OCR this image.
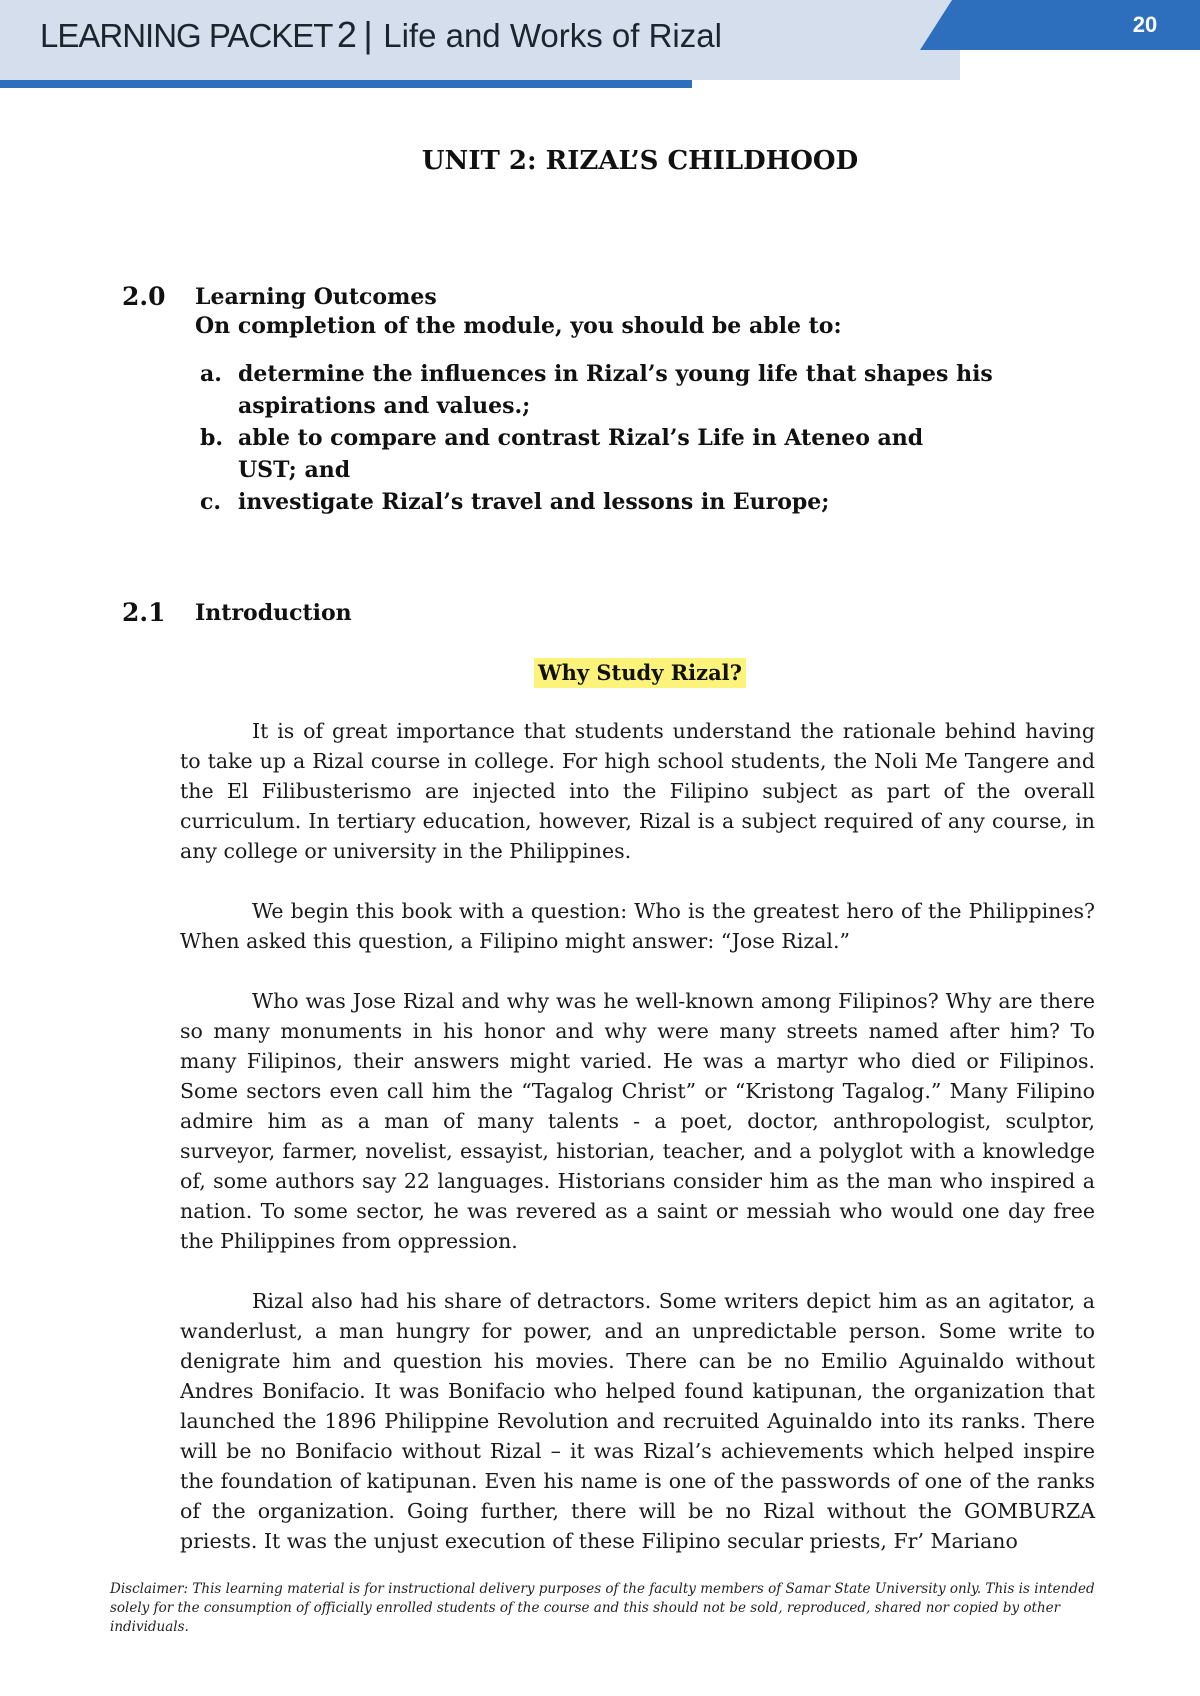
20
LEARNING PACKET 2 | Life and Works of Rizal
UNIT 2: RIZAL’S CHILDHOOD
2.0 Learning Outcomes
On completion of the module, you should be able to:
a. determine the influences in Rizal’s young life that shapes his aspirations and values.;
b. able to compare and contrast Rizal’s Life in Ateneo and UST; and
c. investigate Rizal’s travel and lessons in Europe;
2.1 Introduction
Why Study Rizal?

It is of great importance that students understand the rationale behind having to take up a Rizal course in college. For high school students, the Noli Me Tangere and the El Filibusterismo are injected into the Filipino subject as part of the overall curriculum. In tertiary education, however, Rizal is a subject required of any course, in any college or university in the Philippines.

We begin this book with a question: Who is the greatest hero of the Philippines? When asked this question, a Filipino might answer: “Jose Rizal.”

Who was Jose Rizal and why was he well-known among Filipinos? Why are there so many monuments in his honor and why were many streets named after him? To many Filipinos, their answers might varied. He was a martyr who died or Filipinos. Some sectors even call him the “Tagalog Christ” or “Kristong Tagalog.” Many Filipino admire him as a man of many talents - a poet, doctor, anthropologist, sculptor, surveyor, farmer, novelist, essayist, historian, teacher, and a polyglot with a knowledge of, some authors say 22 languages. Historians consider him as the man who inspired a nation. To some sector, he was revered as a saint or messiah who would one day free the Philippines from oppression.

Rizal also had his share of detractors. Some writers depict him as an agitator, a wanderlust, a man hungry for power, and an unpredictable person. Some write to denigrate him and question his movies. There can be no Emilio Aguinaldo without Andres Bonifacio. It was Bonifacio who helped found katipunan, the organization that launched the 1896 Philippine Revolution and recruited Aguinaldo into its ranks. There will be no Bonifacio without Rizal – it was Rizal’s achievements which helped inspire the foundation of katipunan. Even his name is one of the passwords of one of the ranks of the organization. Going further, there will be no Rizal without the GOMBURZA priests. It was the unjust execution of these Filipino secular priests, Fr’ Mariano

Disclaimer: This learning material is for instructional delivery purposes of the faculty members of Samar State University only. This is intended solely for the consumption of officially enrolled students of the course and this should not be sold, reproduced, shared nor copied by other individuals.
